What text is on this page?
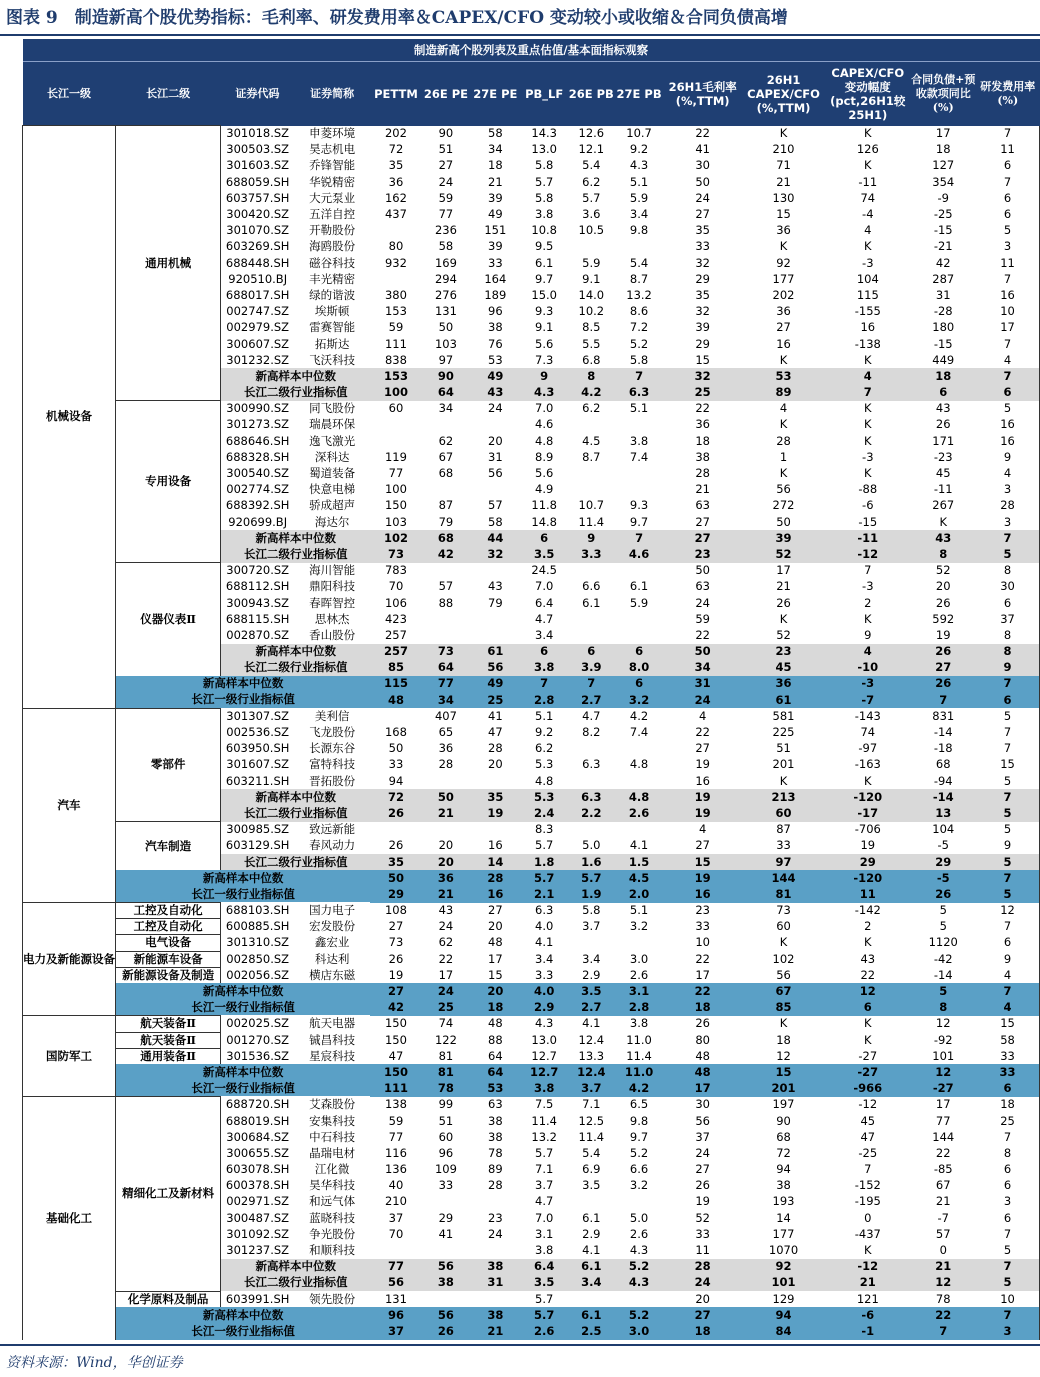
图表 9　制造新高个股优势指标：毛利率、研发费用率＆CAPEX/CFO 变动较小或收缩＆合同负债高增
制造新高个股列表及重点估值/基本面指标观察														
长江一级	长江二级	证券代码	证券简称	PETTM	26E PE	27E PE	PB_LF	26E PB	27E PB	26H1毛利率 (%,TTM)	26H1 CAPEX/CFO (%,TTM)	CAPEX/CFO 变动幅度 (pct,26H1较25H1)	合同负债+预收款项同比(%)	研发费用率 (%)
机械设备	通用机械	301018.SZ	申菱环境	202	90	58	14.3	12.6	10.7	22	K	K	17	7
		300503.SZ	昊志机电	72	51	34	13.0	12.1	9.2	41	210	126	18	11
		301603.SZ	乔锋智能	35	27	18	5.8	5.4	4.3	30	71	K	127	6
		688059.SH	华锐精密	36	24	21	5.7	6.2	5.1	50	21	-11	354	7
		603757.SH	大元泵业	162	59	39	5.8	5.7	5.9	24	130	74	-9	6
		300420.SZ	五洋自控	437	77	49	3.8	3.6	3.4	27	15	-4	-25	6
		301070.SZ	开勒股份		236	151	10.8	10.5	9.8	35	36	4	-15	5
		603269.SH	海鸥股份	80	58	39	9.5			33	K	K	-21	3
		688448.SH	磁谷科技	932	169	33	6.1	5.9	5.4	32	92	-3	42	11
		920510.BJ	丰光精密		294	164	9.7	9.1	8.7	29	177	104	287	7
		688017.SH	绿的谐波	380	276	189	15.0	14.0	13.2	35	202	115	31	16
		002747.SZ	埃斯顿	153	131	96	9.3	10.2	8.6	32	36	-155	-28	10
		002979.SZ	雷赛智能	59	50	38	9.1	8.5	7.2	39	27	16	180	17
		300607.SZ	拓斯达	111	103	76	5.6	5.5	5.2	29	16	-138	-15	7
		301232.SZ	飞沃科技	838	97	53	7.3	6.8	5.8	15	K	K	449	4
		新高样本中位数		153	90	49	9	8	7	32	53	4	18	7
		长江二级行业指标值		100	64	43	4.3	4.2	6.3	25	89	7	6	6
	专用设备	300990.SZ	同飞股份	60	34	24	7.0	6.2	5.1	22	4	K	43	5
		301273.SZ	瑞晨环保				4.6			36	K	K	26	16
		688646.SH	逸飞激光		62	20	4.8	4.5	3.8	18	28	K	171	16
		688328.SH	深科达	119	67	31	8.9	8.7	7.4	38	1	-3	-23	9
		300540.SZ	蜀道装备	77	68	56	5.6			28	K	K	45	4
		002774.SZ	快意电梯	100			4.9			21	56	-88	-11	3
		688392.SH	骄成超声	150	87	57	11.8	10.7	9.3	63	272	-6	267	28
		920699.BJ	海达尔	103	79	58	14.8	11.4	9.7	27	50	-15	K	3
		新高样本中位数		102	68	44	6	9	7	27	39	-11	43	7
		长江二级行业指标值		73	42	32	3.5	3.3	4.6	23	52	-12	8	5
	仪器仪表Ⅱ	300720.SZ	海川智能	783			24.5			50	17	7	52	8
		688112.SH	鼎阳科技	70	57	43	7.0	6.6	6.1	63	21	-3	20	30
		300943.SZ	春晖智控	106	88	79	6.4	6.1	5.9	24	26	2	26	6
		688115.SH	思林杰	423			4.7			59	K	K	592	37
		002870.SZ	香山股份	257			3.4			22	52	9	19	8
		新高样本中位数		257	73	61	6	6	6	50	23	4	26	8
		长江二级行业指标值		85	64	56	3.8	3.9	8.0	34	45	-10	27	9
	新高样本中位数			115	77	49	7	7	6	31	36	-3	26	7
	长江一级行业指标值			48	34	25	2.8	2.7	3.2	24	61	-7	7	6
汽车	零部件	301307.SZ	美利信		407	41	5.1	4.7	4.2	4	581	-143	831	5
		002536.SZ	飞龙股份	168	65	47	9.2	8.2	7.4	22	225	74	-14	7
		603950.SH	长源东谷	50	36	28	6.2			27	51	-97	-18	7
		301607.SZ	富特科技	33	28	20	5.3	6.3	4.8	19	201	-163	68	15
		603211.SH	晋拓股份	94			4.8			16	K	K	-94	5
		新高样本中位数		72	50	35	5.3	6.3	4.8	19	213	-120	-14	7
		长江二级行业指标值		26	21	19	2.4	2.2	2.6	19	60	-17	13	5
	汽车制造	300985.SZ	致远新能				8.3			4	87	-706	104	5
		603129.SH	春风动力	26	20	16	5.7	5.0	4.1	27	33	19	-5	9
		长江二级行业指标值		35	20	14	1.8	1.6	1.5	15	97	29	29	5
	新高样本中位数			50	36	28	5.7	5.7	4.5	19	144	-120	-5	7
	长江一级行业指标值			29	21	16	2.1	1.9	2.0	16	81	11	26	5
电力及新能源设备	工控及自动化	688103.SH	国力电子	108	43	27	6.3	5.8	5.1	23	73	-142	5	12
	工控及自动化	600885.SH	宏发股份	27	24	20	4.0	3.7	3.2	33	60	2	5	7
	电气设备	301310.SZ	鑫宏业	73	62	48	4.1			10	K	K	1120	6
	新能源车设备	002850.SZ	科达利	26	22	17	3.4	3.4	3.0	22	102	43	-42	9
	新能源设备及制造	002056.SZ	横店东磁	19	17	15	3.3	2.9	2.6	17	56	22	-14	4
	新高样本中位数			27	24	20	4.0	3.5	3.1	22	67	12	5	7
	长江一级行业指标值			42	25	18	2.9	2.7	2.8	18	85	6	8	4
国防军工	航天装备Ⅱ	002025.SZ	航天电器	150	74	48	4.3	4.1	3.8	26	K	K	12	15
	航天装备Ⅱ	001270.SZ	铖昌科技	150	122	88	13.0	12.4	11.0	80	18	K	-92	58
	通用装备Ⅱ	301536.SZ	星宸科技	47	81	64	12.7	13.3	11.4	48	12	-27	101	33
	新高样本中位数			150	81	64	12.7	12.4	11.0	48	15	-27	12	33
	长江一级行业指标值			111	78	53	3.8	3.7	4.2	17	201	-966	-27	6
基础化工	精细化工及新材料	688720.SH	艾森股份	138	99	63	7.5	7.1	6.5	30	197	-12	17	18
		688019.SH	安集科技	59	51	38	11.4	12.5	9.8	56	90	45	77	25
		300684.SZ	中石科技	77	60	38	13.2	11.4	9.7	37	68	47	144	7
		300655.SZ	晶瑞电材	116	96	78	5.7	5.4	5.2	24	72	-25	22	8
		603078.SH	江化微	136	109	89	7.1	6.9	6.6	27	94	7	-85	6
		600378.SH	昊华科技	40	33	28	3.7	3.5	3.2	26	38	-152	67	6
		002971.SZ	和远气体	210			4.7			19	193	-195	21	3
		300487.SZ	蓝晓科技	37	29	23	7.0	6.1	5.0	52	14	0	-7	6
		301092.SZ	争光股份	70	41	24	3.1	2.9	2.6	33	177	-437	57	7
		301237.SZ	和顺科技				3.8	4.1	4.3	11	1070	K	0	5
		新高样本中位数		77	56	38	6.4	6.1	5.2	28	92	-12	21	7
		长江二级行业指标值		56	38	31	3.5	3.4	4.3	24	101	21	12	5
	化学原料及制品	603991.SH	领先股份	131			5.7			20	129	121	78	10
	新高样本中位数			96	56	38	5.7	6.1	5.2	27	94	-6	22	7
	长江一级行业指标值			37	26	21	2.6	2.5	3.0	18	84	-1	7	3
资料来源：Wind，华创证券
